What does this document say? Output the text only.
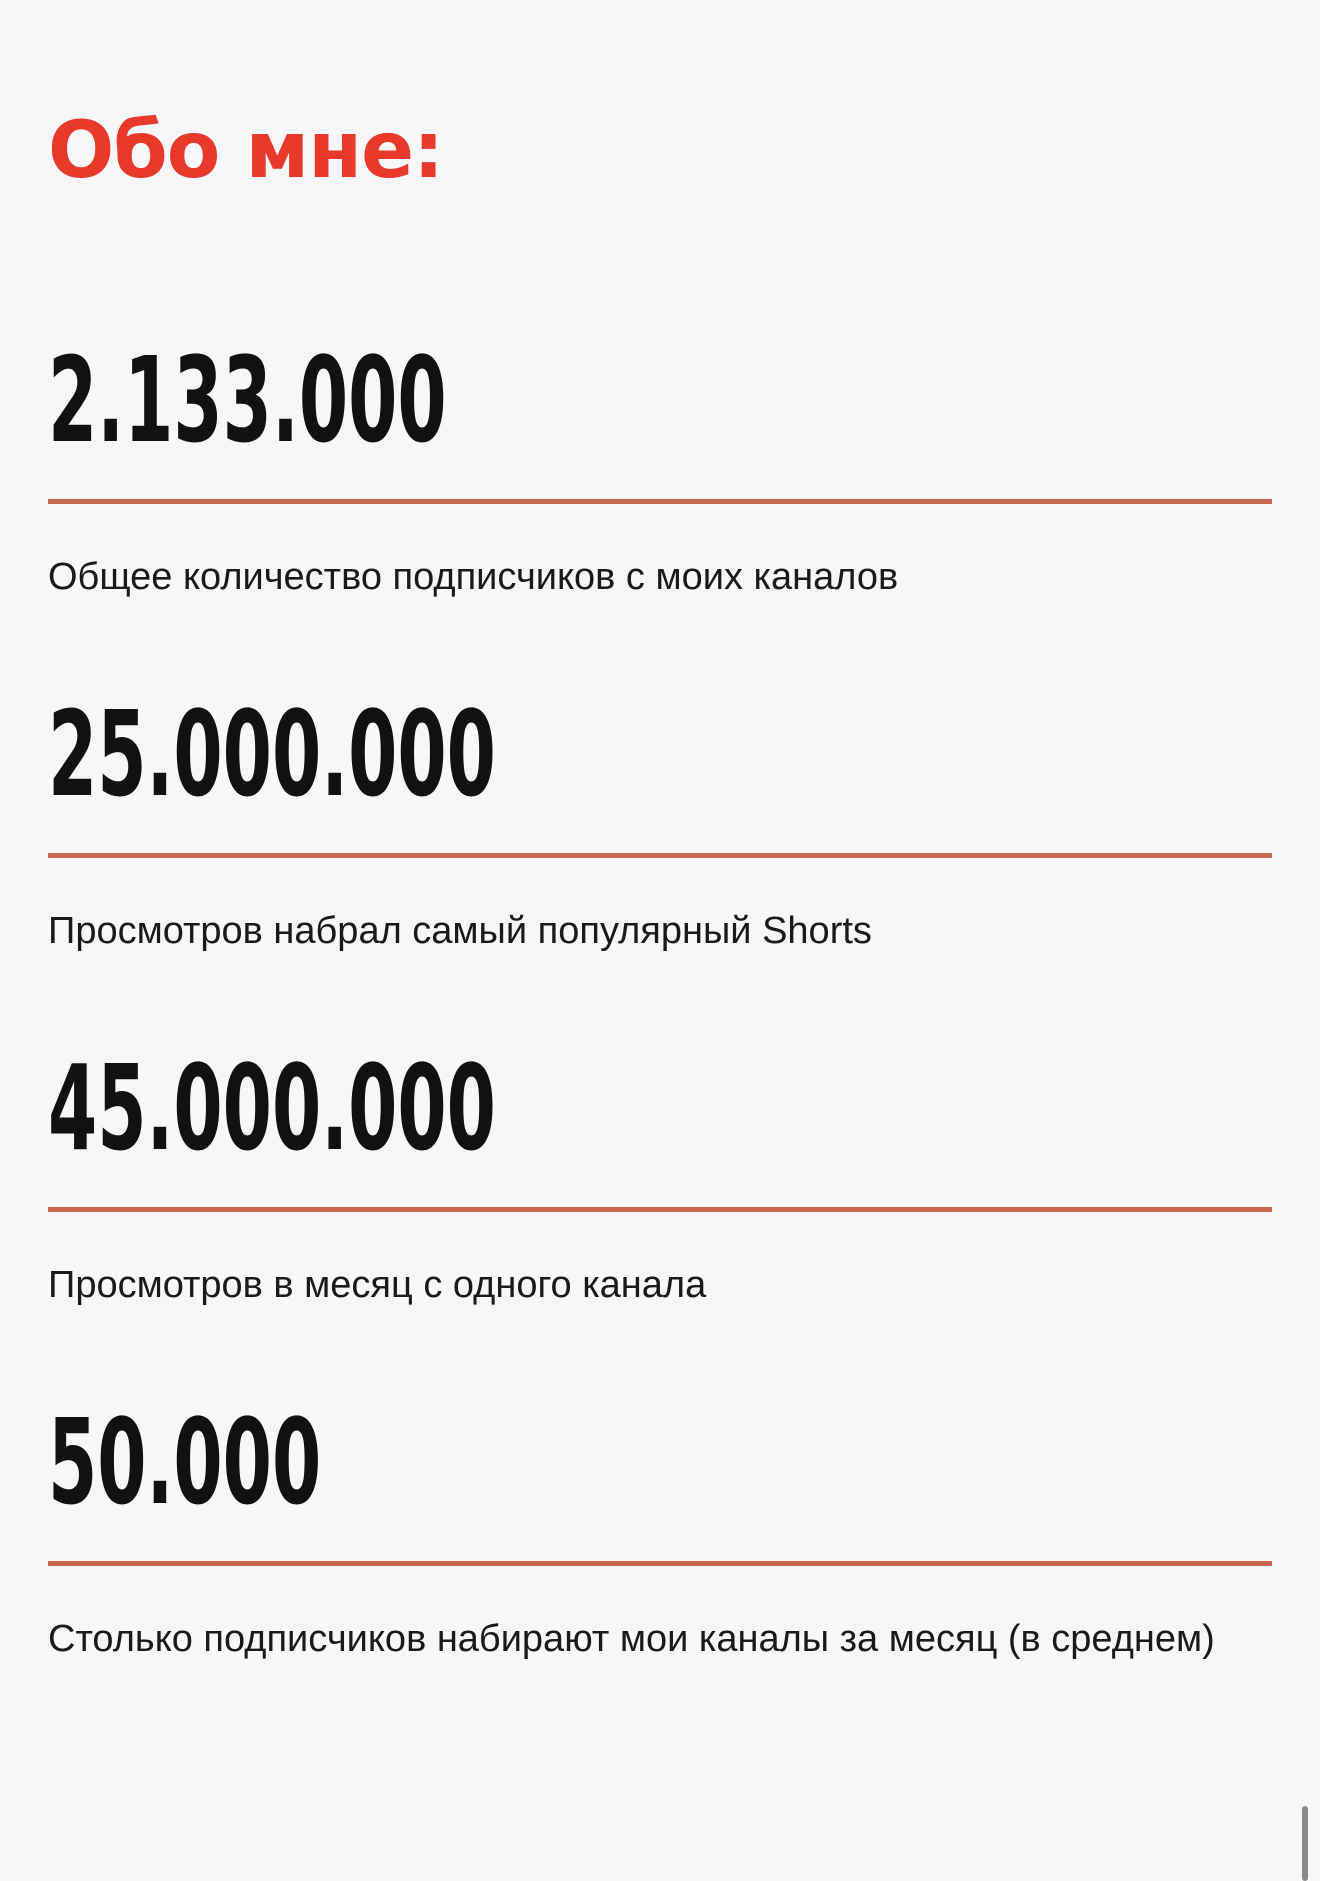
Обо мне:
2.133.000
Общее количество подписчиков с моих каналов
25.000.000
Просмотров набрал самый популярный Shorts
45.000.000
Просмотров в месяц с одного канала
50.000
Столько подписчиков набирают мои каналы за месяц (в среднем)
